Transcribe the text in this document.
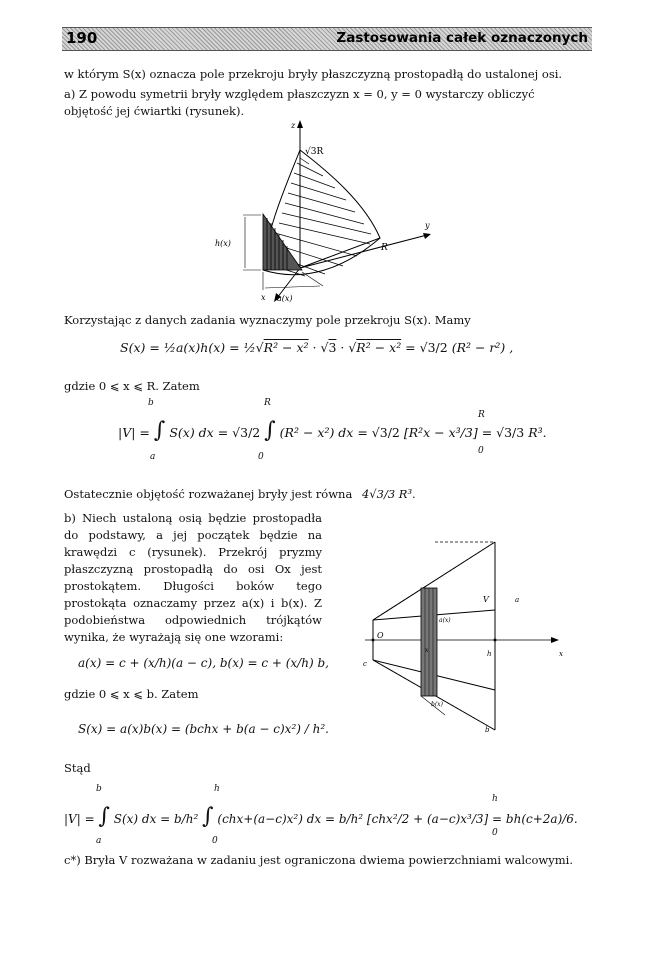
190	Zastosowania całek oznaczonych
w którym S(x) oznacza pole przekroju bryły płaszczyzną prostopadłą do ustalonej osi.
a) Z powodu symetrii bryły względem płaszczyzn x = 0, y = 0 wystarczy obliczyć
objętość jej ćwiartki (rysunek).
z
√3R
y
R
h(x)
x a(x)
Korzystając z danych zadania wyznaczymy pole przekroju S(x). Mamy
S(x) = ½a(x)h(x) = ½√R² − x² · √3 · √R² − x² = √3/2 (R² − r²) ,
gdzie 0 ⩽ x ⩽ R. Zatem
b	R
|V| = ∫ S(x) dx = √3/2 ∫ (R² − x²) dx = √3/2 [R²x − x³/3] = √3/3 R³.
a	0
R
0
Ostatecznie objętość rozważanej bryły jest równa 4√3/3 R³.
b) Niech ustaloną osią będzie prostopadła do podstawy, a jej początek będzie na krawędzi c (rysunek). Przekrój pryzmy płaszczyzną prostopadłą do osi Ox jest prostokątem. Długości boków tego prostokąta oznaczamy przez a(x) i b(x). Z podobieństwa odpowiednich trójkątów wynika, że wyrażają się one wzorami:
V	a
a(x)
O
x	h	x
c
b(x)
b
a(x) = c + (x/h)(a − c), b(x) = c + (x/h) b,
gdzie 0 ⩽ x ⩽ b. Zatem
S(x) = a(x)b(x) = (bchx + b(a − c)x²) / h².
Stąd
b	h
|V| = ∫ S(x) dx = b/h² ∫ (chx+(a−c)x²) dx = b/h² [chx²/2 + (a−c)x³/3] = bh(c+2a)/6.
a	0
h
0
c*) Bryła V rozważana w zadaniu jest ograniczona dwiema powierzchniami walcowymi.
